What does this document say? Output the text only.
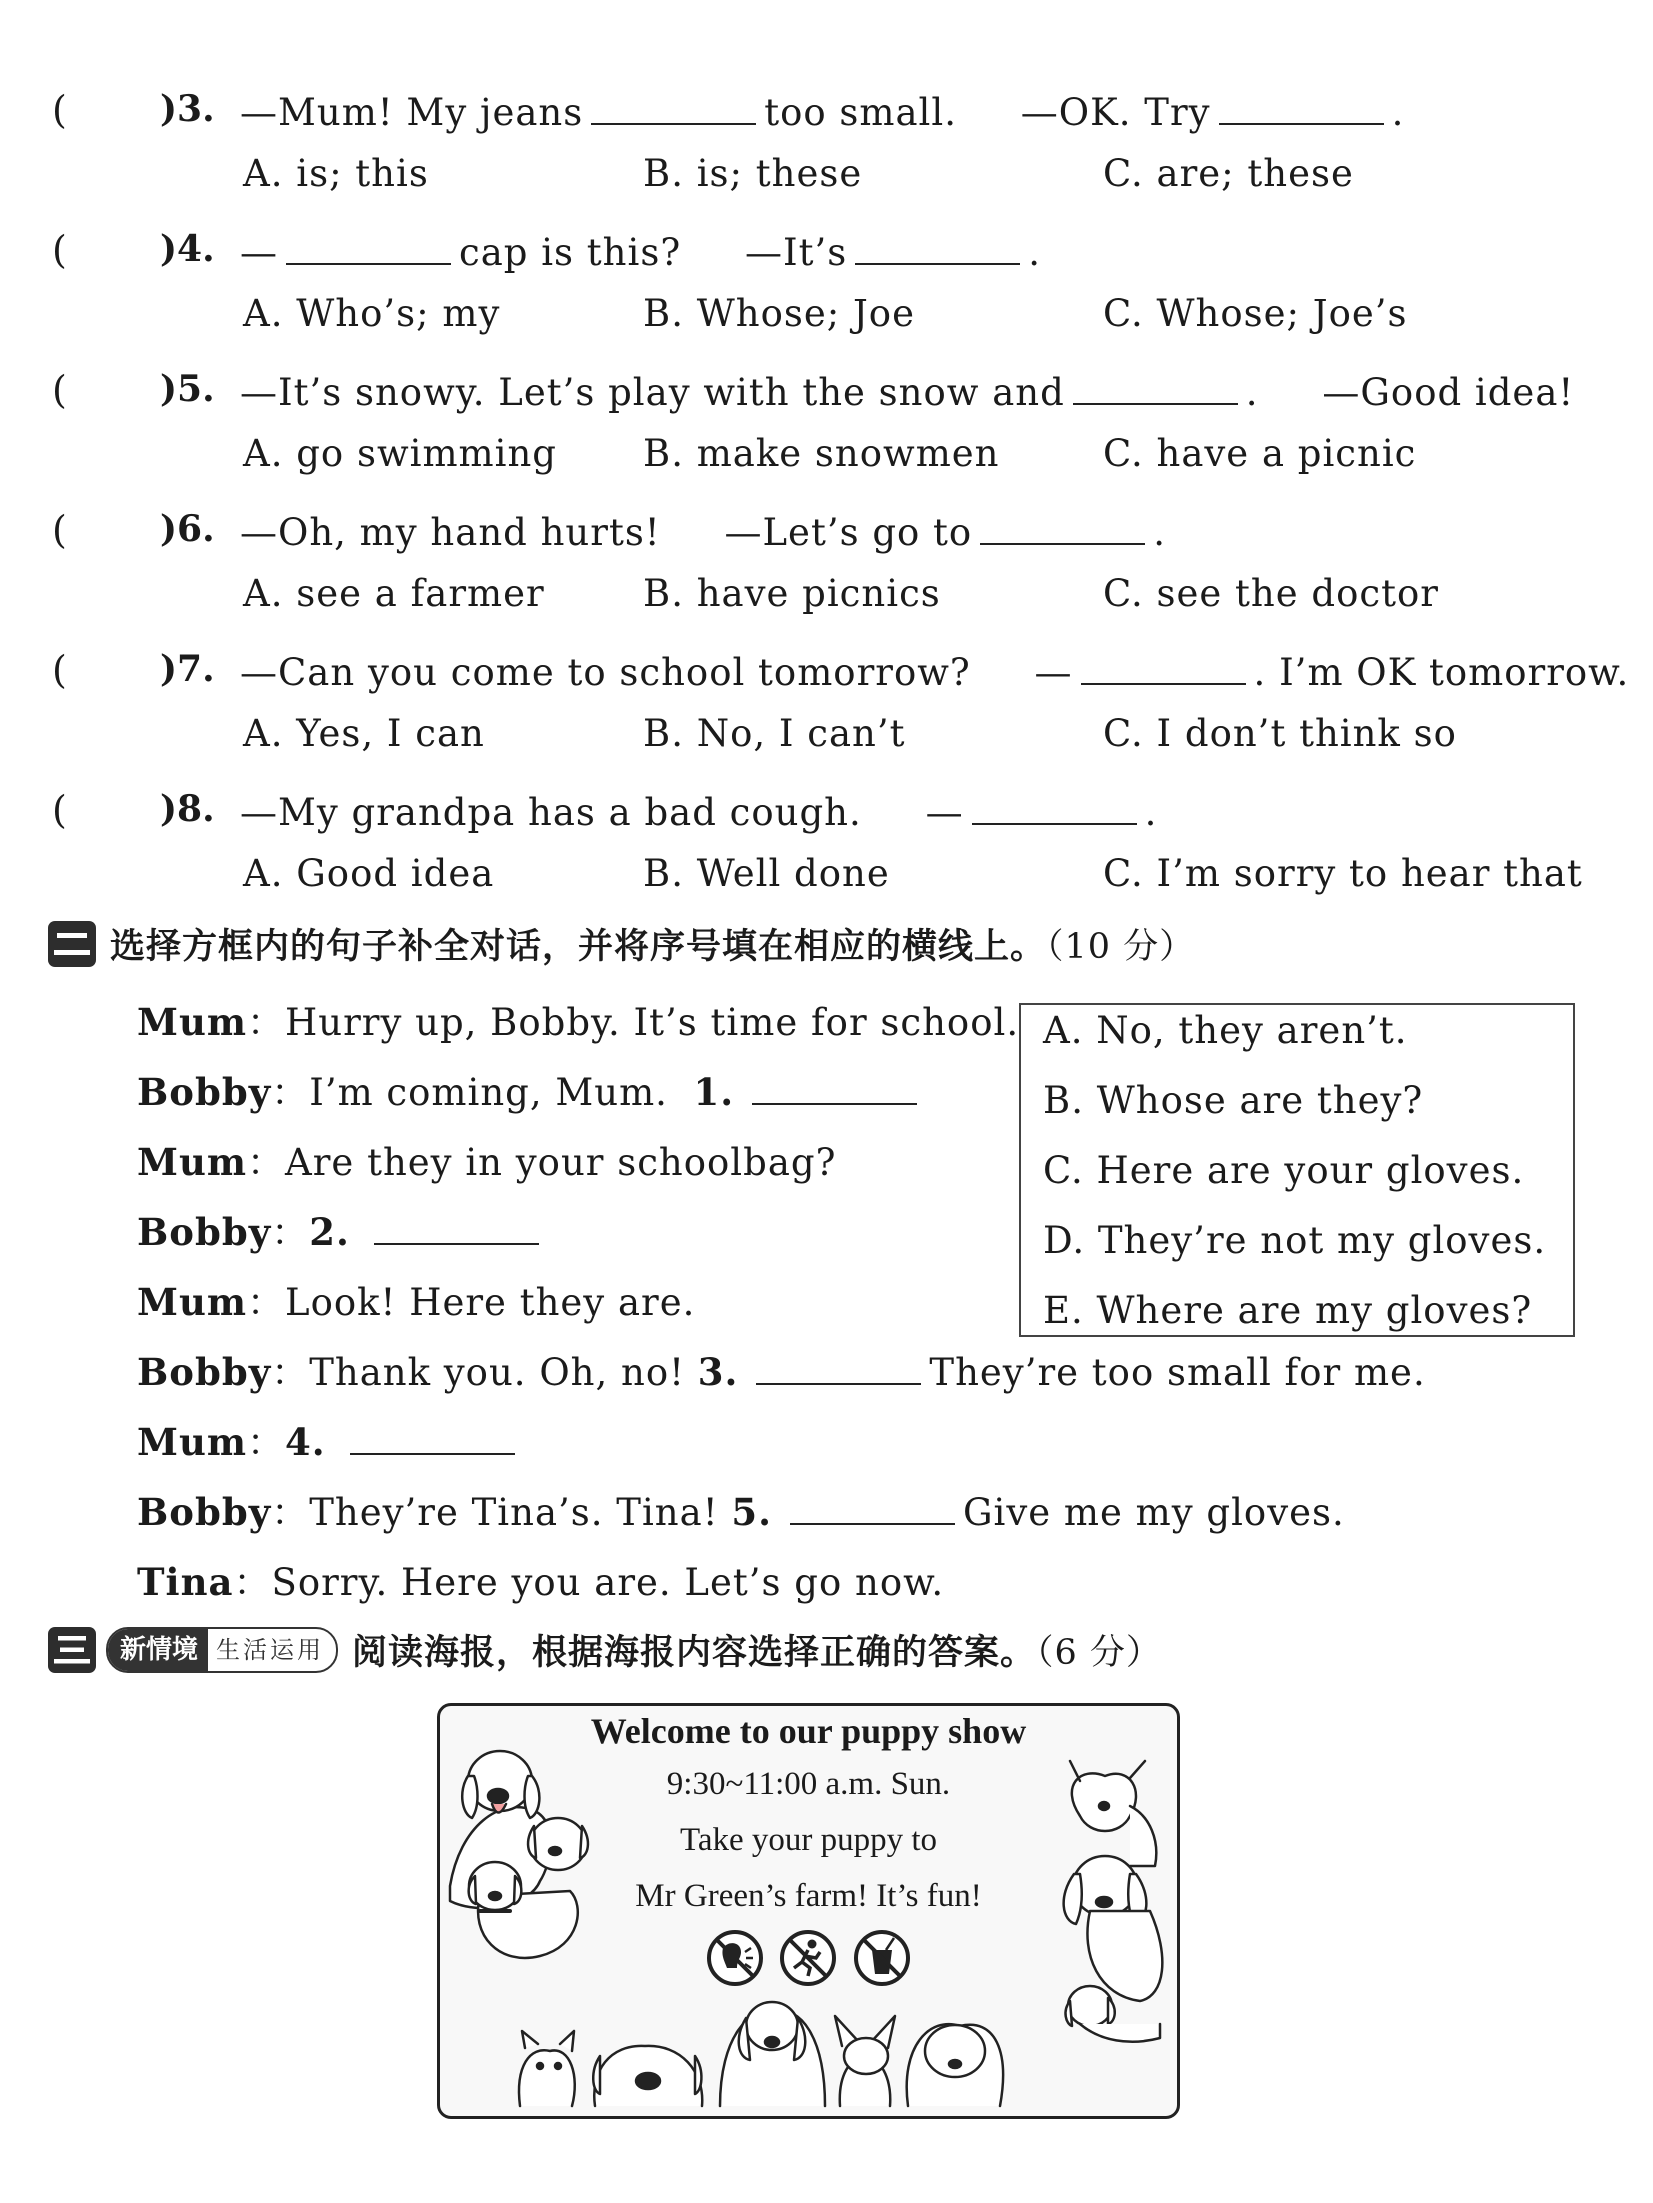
(	)3. —Mum! My jeans	too small. —OK. Try	.
A. is; this	B. is; these	C. are; these
(	)4. —	cap is this? —It’s	.
A. Who’s; my	B. Whose; Joe	C. Whose; Joe’s
(	)5. —It’s snowy. Let’s play with the snow and	. —Good idea!
A. go swimming B. make snowmen	C. have a picnic
(	)6. —Oh, my hand hurts! —Let’s go to	.
A. see a farmer	B. have picnics	C. see the doctor
(	)7. —Can you come to school tomorrow? —	. I’m OK tomorrow.
A. Yes, I can	B. No, I can’t	C. I don’t think so
(	)8. —My grandpa has a bad cough. —	.
A. Good idea	B. Well done	C. I’m sorry to hear that
选择方框内的句子补全对话，并将序号填在相应的横线上。（10 分）
Mum：Hurry up, Bobby. It’s time for school.
Bobby：I’m coming, Mum. 1.
Mum：Are they in your schoolbag?
Bobby：2.
Mum：Look! Here they are.
Bobby：Thank you. Oh, no! 3.	They’re too small for me.
Mum：4.
Bobby：They’re Tina’s. Tina! 5.	Give me my gloves.
Tina：Sorry. Here you are. Let’s go now.
A. No, they aren’t.
B. Whose are they?
C. Here are your gloves.
D. They’re not my gloves.
E. Where are my gloves?
新情境 生活运用 阅读海报，根据海报内容选择正确的答案。（6 分）
Welcome to our puppy show
9:30~11:00 a.m. Sun.
Take your puppy to
Mr Green’s farm! It’s fun!
